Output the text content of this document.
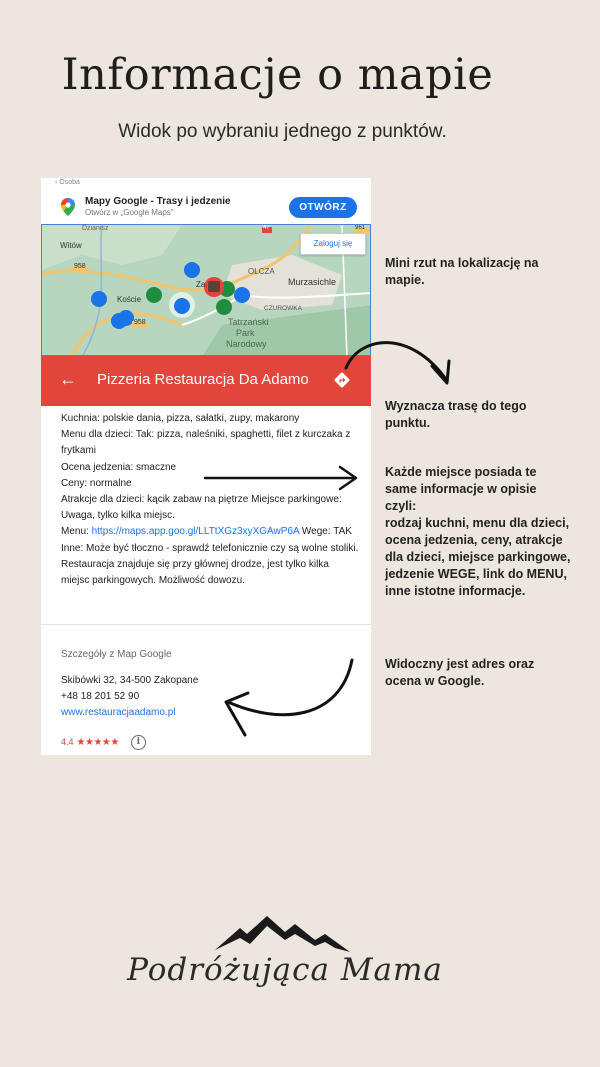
Informacje o mapie
Widok po wybraniu jednego z punktów.
‹ Osoba
Mapy Google - Trasy i jedzenie
Otwórz w „Google Maps"	OTWÓRZ
Dzianisz
Witów
Koście
Za
OLCZA
Murzasichle
CZUROWKA
Tatrzański
Park
Narodowy
958
958
47	961
Zaloguj się
← Pizzeria Restauracja Da Adamo
Kuchnia: polskie dania, pizza, sałatki, zupy, makarony
Menu dla dzieci: Tak: pizza, naleśniki, spaghetti, filet z kurczaka z frytkami
Ocena jedzenia: smaczne
Ceny: normalne
Atrakcje dla dzieci: kącik zabaw na piętrze Miejsce parkingowe: Uwaga, tylko kilka miejsc.
Menu: https://maps.app.goo.gl/LLTtXGz3xyXGAwP6A Wege: TAK
Inne: Może być tłoczno - sprawdź telefonicznie czy są wolne stoliki. Restauracja znajduje się przy głównej drodze, jest tylko kilka miejsc parkingowych. Możliwość dowozu.
Szczegóły z Map Google
Skibówki 32, 34-500 Zakopane
+48 18 201 52 90
www.restauracjaadamo.pl
4.4 ★★★★★	i
Mini rzut na lokalizację na mapie.
Wyznacza trasę do tego punktu.
Każde miejsce posiada te same informacje w opisie czyli:
rodzaj kuchni, menu dla dzieci, ocena jedzenia, ceny, atrakcje dla dzieci, miejsce parkingowe, jedzenie WEGE, link do MENU, inne istotne informacje.
Widoczny jest adres oraz ocena w Google.
Podróżująca Mama
